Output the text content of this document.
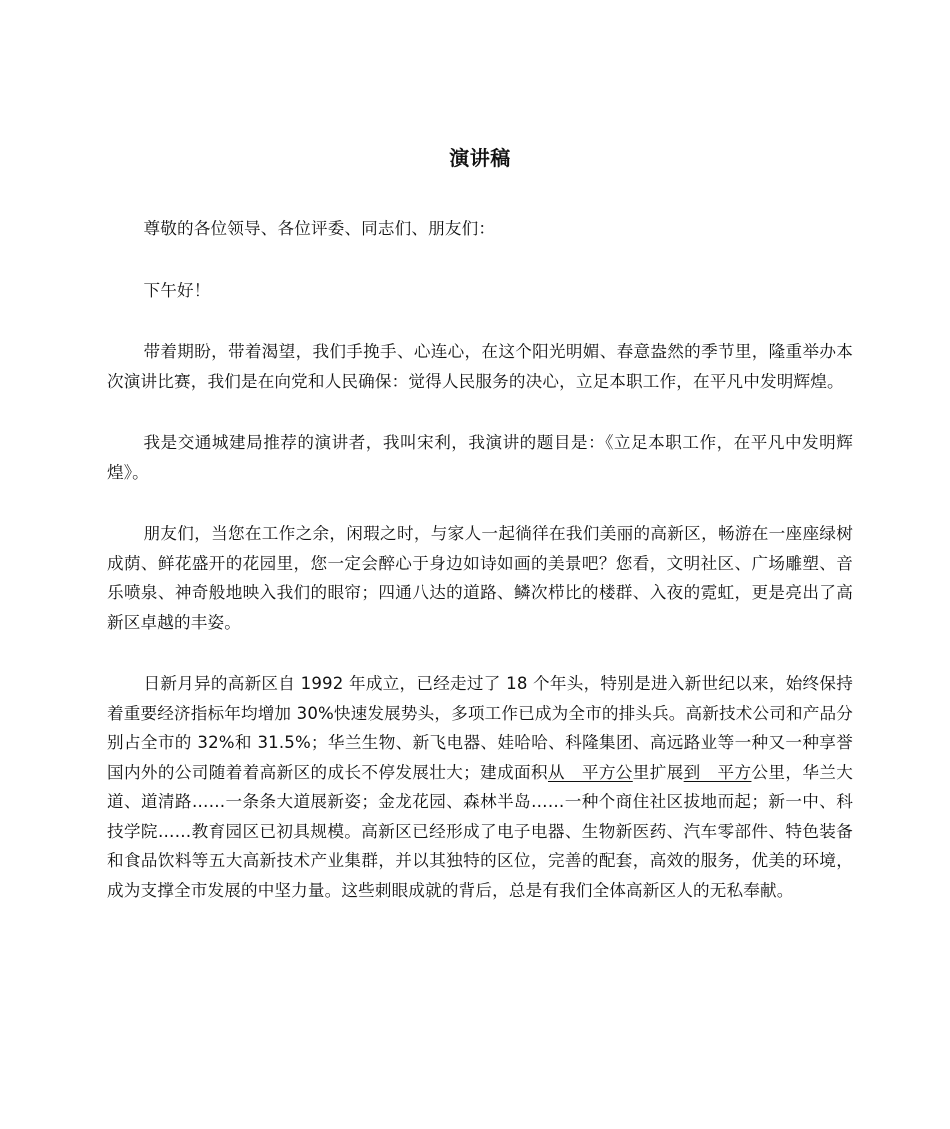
演讲稿

尊敬的各位领导、各位评委、同志们、朋友们：

下午好！

带着期盼，带着渴望，我们手挽手、心连心，在这个阳光明媚、春意盎然的季节里，隆重举办本次演讲比赛，我们是在向党和人民确保：觉得人民服务的决心，立足本职工作，在平凡中发明辉煌。

我是交通城建局推荐的演讲者，我叫宋利，我演讲的题目是：《立足本职工作，在平凡中发明辉煌》。

朋友们，当您在工作之余，闲瑕之时，与家人一起徜徉在我们美丽的高新区，畅游在一座座绿树成荫、鲜花盛开的花园里，您一定会醉心于身边如诗如画的美景吧？您看，文明社区、广场雕塑、音乐喷泉、神奇般地映入我们的眼帘；四通八达的道路、鳞次栉比的楼群、入夜的霓虹，更是亮出了高新区卓越的丰姿。

日新月异的高新区自 1992 年成立，已经走过了 18 个年头，特别是进入新世纪以来，始终保持着重要经济指标年均增加 30%快速发展势头，多项工作已成为全市的排头兵。高新技术公司和产品分别占全市的 32%和 31.5%；华兰生物、新飞电器、娃哈哈、科隆集团、高远路业等一种又一种享誉国内外的公司随着着高新区的成长不停发展壮大；建成面积从   平方公里扩展到   平方公里，华兰大道、道清路……一条条大道展新姿；金龙花园、森林半岛……一种个商住社区拔地而起；新一中、科技学院……教育园区已初具规模。高新区已经形成了电子电器、生物新医药、汽车零部件、特色装备和食品饮料等五大高新技术产业集群，并以其独特的区位，完善的配套，高效的服务，优美的环境，成为支撑全市发展的中坚力量。这些刺眼成就的背后，总是有我们全体高新区人的无私奉献。
